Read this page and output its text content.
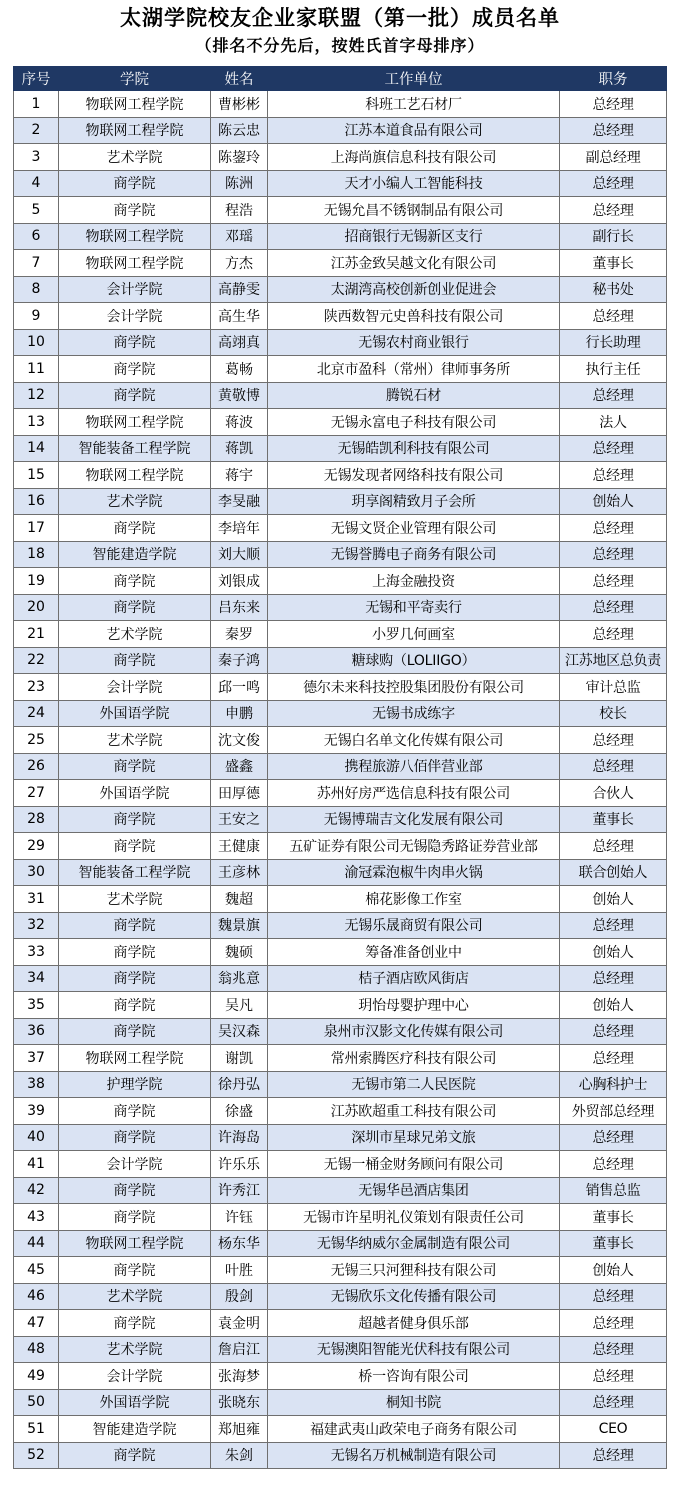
太湖学院校友企业家联盟（第一批）成员名单
（排名不分先后，按姓氏首字母排序）
序号	学院	姓名	工作单位	职务
1	物联网工程学院	曹彬彬	科班工艺石材厂	总经理
2	物联网工程学院	陈云忠	江苏本道食品有限公司	总经理
3	艺术学院	陈鋆玲	上海尚旗信息科技有限公司	副总经理
4	商学院	陈洲	天才小编人工智能科技	总经理
5	商学院	程浩	无锡允昌不锈钢制品有限公司	总经理
6	物联网工程学院	邓瑶	招商银行无锡新区支行	副行长
7	物联网工程学院	方杰	江苏金致吴越文化有限公司	董事长
8	会计学院	高静雯	太湖湾高校创新创业促进会	秘书处
9	会计学院	高生华	陕西数智元史兽科技有限公司	总经理
10	商学院	高翊真	无锡农村商业银行	行长助理
11	商学院	葛畅	北京市盈科（常州）律师事务所	执行主任
12	商学院	黄敬博	腾锐石材	总经理
13	物联网工程学院	蒋波	无锡永富电子科技有限公司	法人
14	智能装备工程学院	蒋凯	无锡皓凯利科技有限公司	总经理
15	物联网工程学院	蒋宇	无锡发现者网络科技有限公司	总经理
16	艺术学院	李旻融	玥享阁精致月子会所	创始人
17	商学院	李培年	无锡文贤企业管理有限公司	总经理
18	智能建造学院	刘大顺	无锡誉腾电子商务有限公司	总经理
19	商学院	刘银成	上海金融投资	总经理
20	商学院	吕东来	无锡和平寄卖行	总经理
21	艺术学院	秦罗	小罗几何画室	总经理
22	商学院	秦子鸿	糖球购（LOLIIGO）	江苏地区总负责
23	会计学院	邱一鸣	德尔未来科技控股集团股份有限公司	审计总监
24	外国语学院	申鹏	无锡书成练字	校长
25	艺术学院	沈文俊	无锡白名单文化传媒有限公司	总经理
26	商学院	盛鑫	携程旅游八佰伴营业部	总经理
27	外国语学院	田厚德	苏州好房严选信息科技有限公司	合伙人
28	商学院	王安之	无锡博瑞吉文化发展有限公司	董事长
29	商学院	王健康	五矿证券有限公司无锡隐秀路证券营业部	总经理
30	智能装备工程学院	王彦林	渝冠霖泡椒牛肉串火锅	联合创始人
31	艺术学院	魏超	棉花影像工作室	创始人
32	商学院	魏景旗	无锡乐晟商贸有限公司	总经理
33	商学院	魏硕	筹备准备创业中	创始人
34	商学院	翁兆意	桔子酒店欧风街店	总经理
35	商学院	吴凡	玥怡母婴护理中心	创始人
36	商学院	吴汉森	泉州市汉影文化传媒有限公司	总经理
37	物联网工程学院	谢凯	常州索腾医疗科技有限公司	总经理
38	护理学院	徐丹弘	无锡市第二人民医院	心胸科护士
39	商学院	徐盛	江苏欧超重工科技有限公司	外贸部总经理
40	商学院	许海岛	深圳市星球兄弟文旅	总经理
41	会计学院	许乐乐	无锡一桶金财务顾问有限公司	总经理
42	商学院	许秀江	无锡华邑酒店集团	销售总监
43	商学院	许钰	无锡市许星明礼仪策划有限责任公司	董事长
44	物联网工程学院	杨东华	无锡华纳威尔金属制造有限公司	董事长
45	商学院	叶胜	无锡三只河狸科技有限公司	创始人
46	艺术学院	殷剑	无锡欣乐文化传播有限公司	总经理
47	商学院	袁金明	超越者健身俱乐部	总经理
48	艺术学院	詹启江	无锡澳阳智能光伏科技有限公司	总经理
49	会计学院	张海梦	桥一咨询有限公司	总经理
50	外国语学院	张晓东	桐知书院	总经理
51	智能建造学院	郑旭雍	福建武夷山政荣电子商务有限公司	CEO
52	商学院	朱剑	无锡名万机械制造有限公司	总经理
